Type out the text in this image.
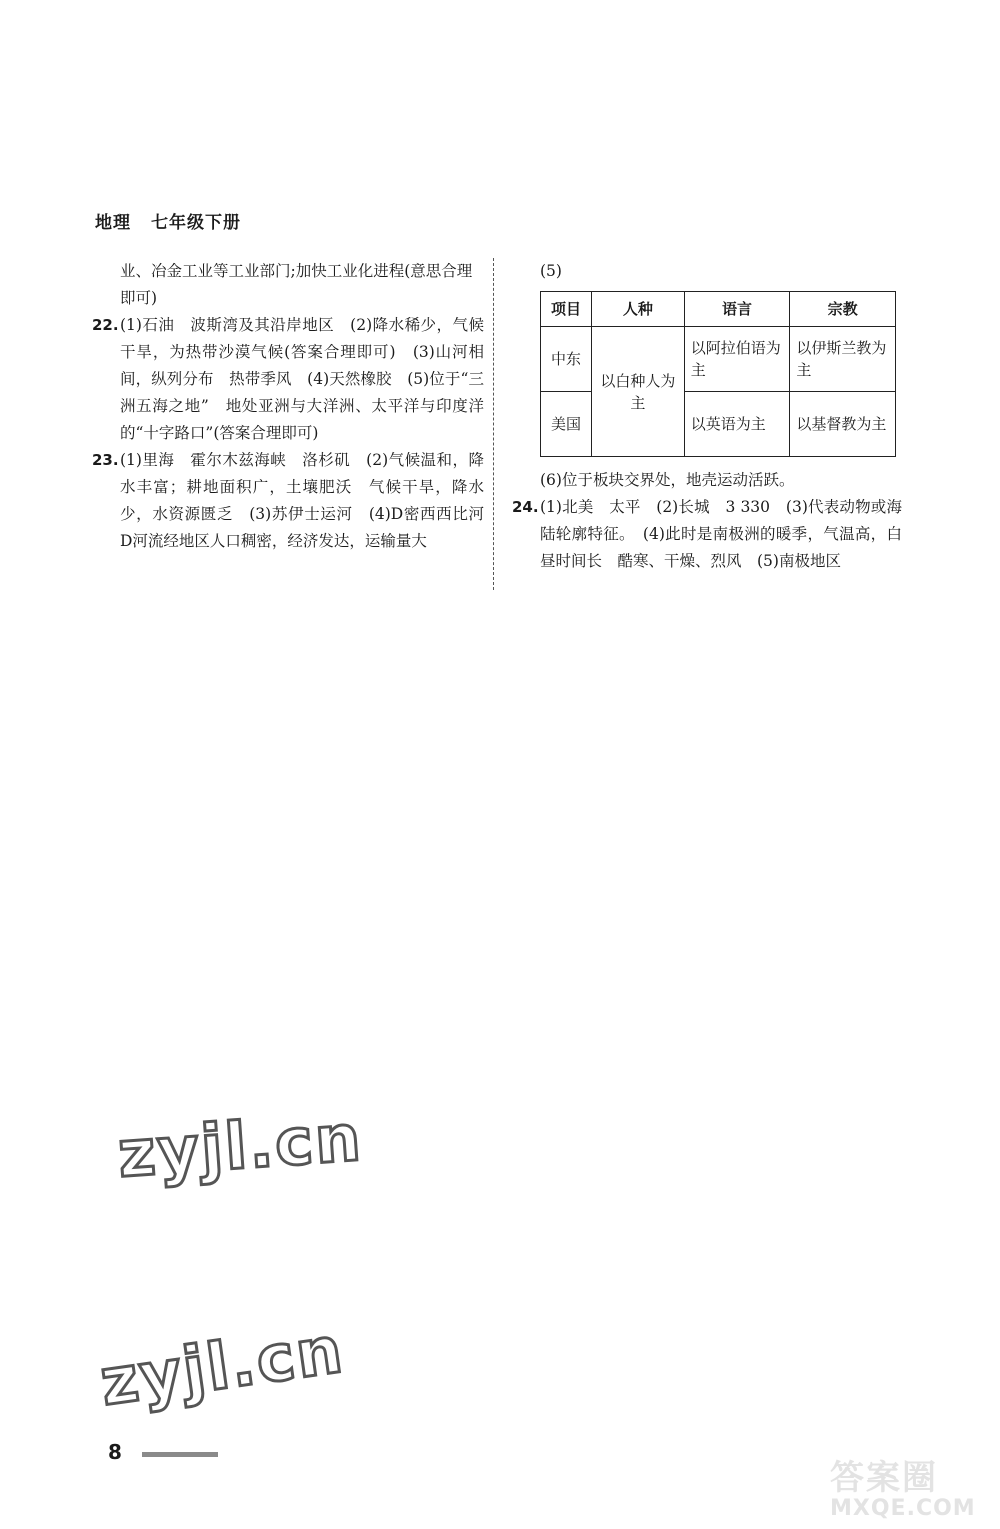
地理 七年级下册
业、冶金工业等工业部门;加快工业化进程(意思合理即可)
22. (1)石油　波斯湾及其沿岸地区　(2)降水稀少，气候干旱，为热带沙漠气候(答案合理即可)　(3)山河相间，纵列分布　热带季风　(4)天然橡胶　(5)位于“三洲五海之地”　地处亚洲与大洋洲、太平洋与印度洋的“十字路口”(答案合理即可)
23. (1)里海　霍尔木兹海峡　洛杉矶　(2)气候温和，降水丰富；耕地面积广，土壤肥沃　气候干旱，降水少，水资源匮乏　(3)苏伊士运河　(4)D密西西比河　D河流经地区人口稠密，经济发达，运输量大
(5)
项目	人种	语言	宗教
中东	以白种人为主	以阿拉伯语为主	以伊斯兰教为主
美国		以英语为主	以基督教为主
(6)位于板块交界处，地壳运动活跃。
24. (1)北美　太平　(2)长城　3 330　(3)代表动物或海陆轮廓特征。　(4)此时是南极洲的暖季，气温高，白昼时间长　酷寒、干燥、烈风　(5)南极地区
zyjl.cn
zyjl.cn
8
答案圈
MXQE.COM
